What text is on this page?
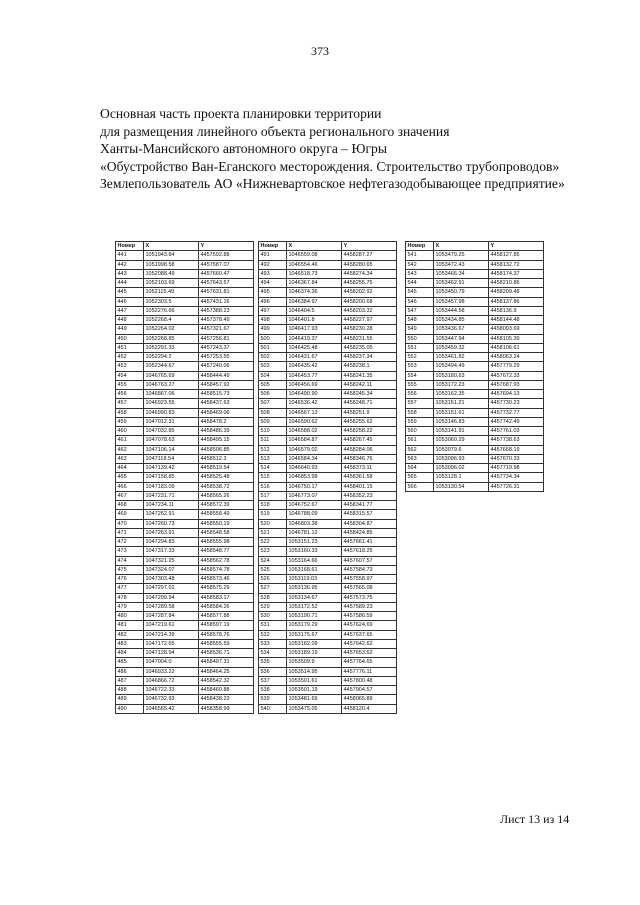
373
Основная часть проекта планировки территории
для размещения линейного объекта регионального значения
Ханты-Мансийского автономного округа – Югры
«Обустройство Ван-Еганского месторождения. Строительство трубопроводов»
Землепользователь АО «Нижневартовское нефтегазодобывающее предприятие»
Номер	X	Y
441	1051943.84	4457592.88
442	1051998.58	4457587.07
443	1052088.49	4457660.47
444	1052103.69	4457643.57
445	1052115.49	4457631.81
446	1052303.5	4457431.16
447	1052276.66	4457388.23
448	1052268.4	4457378.49
449	1052264.02	4457321.67
450	1052268.85	4457256.81
451	1052291.33	4457243.37
452	1052294.2	4457253.55
453	1052344.67	4457240.06
454	1046765.69	4458444.49
455	1046763.27	4458457.92
456	1046867.06	4458515.73
457	1046923.55	4458437.63
458	1046990.83	4458469.06
459	1047012.31	4458478.2
460	1047032.85	4458486.39
461	1047078.63	4458495.15
462	1047106.14	4458506.85
463	1047118.54	4458512.3
464	1047139.42	4458519.54
465	1047158.85	4458525.48
466	1047183.09	4458538.72
467	1047231.71	4458565.26
468	1047234.11	4458572.39
469	1047262.91	4458558.49
470	1047260.73	4458550.19
471	1047263.91	4458548.58
472	1047294.83	4458555.98
473	1047317.33	4458548.77
474	1047321.25	4458562.78
475	1047324.07	4458574.78
476	1047303.48	4458573.46
477	1047297.01	4458575.29
478	1047299.94	4458583.17
479	1047289.58	4458584.26
480	1047287.84	4458577.88
481	1047219.61	4458597.19
482	1047214.39	4458578.76
483	1047172.65	4458555.59
484	1047128.94	4458536.71
485	1047004.0	4458497.31
486	1046933.22	4458464.25
487	1046866.72	4458542.32
488	1046722.33	4458460.88
489	1046732.93	4458438.23
490	1046565.42	4458358.99
Номер	X	Y
491	1046559.08	4458287.27
492	1046554.46	4458280.65
493	1046518.73	4458274.34
494	1046367.84	4458255.75
495	1046374.36	4458202.92
496	1046384.97	4458200.68
497	1046404.5	4458203.32
498	1046401.8	4458227.97
499	1046417.93	4458230.28
500	1046419.37	4458231.55
501	1046425.48	4458235.05
502	1046431.67	4458237.34
503	1046435.42	4458238.1
504	1046453.77	4458241.35
505	1046456.69	4458242.11
506	1046490.90	4458245.34
507	1046536.42	4458248.71
508	1046567.13	4458251.9
509	1046590.62	4458255.62
510	1046588.02	4458258.22
511	1046584.87	4458267.45
512	1046579.02	4458284.06
513	1046584.34	4458346.76
514	1046640.93	4458373.11
515	1046853.98	4458361.58
516	1046750.17	4458401.15
517	1046773.07	4458352.23
518	1046752.67	4458341.77
519	1046788.09	4458315.57
520	1046803.38	4458304.87
521	1046781.12	4458424.85
522	1053151.23	4457661.41
523	1053160.33	4457618.25
524	1053164.66	4457607.57
525	1053168.61	4457584.73
526	1053119.03	4457558.97
527	1053136.95	4457565.08
528	1053134.67	4457573.75
529	1053172.52	4457589.23
530	1053190.71	4457586.59
531	1053179.29	4457624.69
532	1053175.67	4457637.65
533	1053182.09	4457642.62
534	1053189.19	4457653.62
535	1053509.9	4457764.65
536	1053514.95	4457776.11
537	1053501.61	4457800.48
538	1053501.19	4457904.57
539	1053481.69	4458065.89
540	1053475.05	4458120.4
Номер	X	Y
541	1053479.25	4458127.85
542	1053472.43	4458132.72
543	1053466.34	4458174.37
544	1053462.91	4458210.86
545	1053450.79	4458209.48
546	1053457.98	4458137.86
547	1053444.58	4458136.9
548	1053434.85	4458144.48
549	1053436.67	4458093.69
550	1053447.94	4458105.39
551	1053459.32	4458106.61
552	1053461.82	4458063.24
553	1053494.49	4457779.29
554	1053180.63	4457672.33
555	1053172.23	4457687.93
556	1053162.35	4457694.13
557	1053151.21	4457730.23
558	1053151.61	4457732.77
559	1053146.83	4457742.49
560	1053141.91	4457761.03
561	1053060.29	4457738.63
562	1053079.6	4457668.19
563	1053096.93	4457670.33
564	1053096.02	4457719.98
565	1053128.1	4457734.34
566	1053130.54	4457726.31
Лист 13 из 14
